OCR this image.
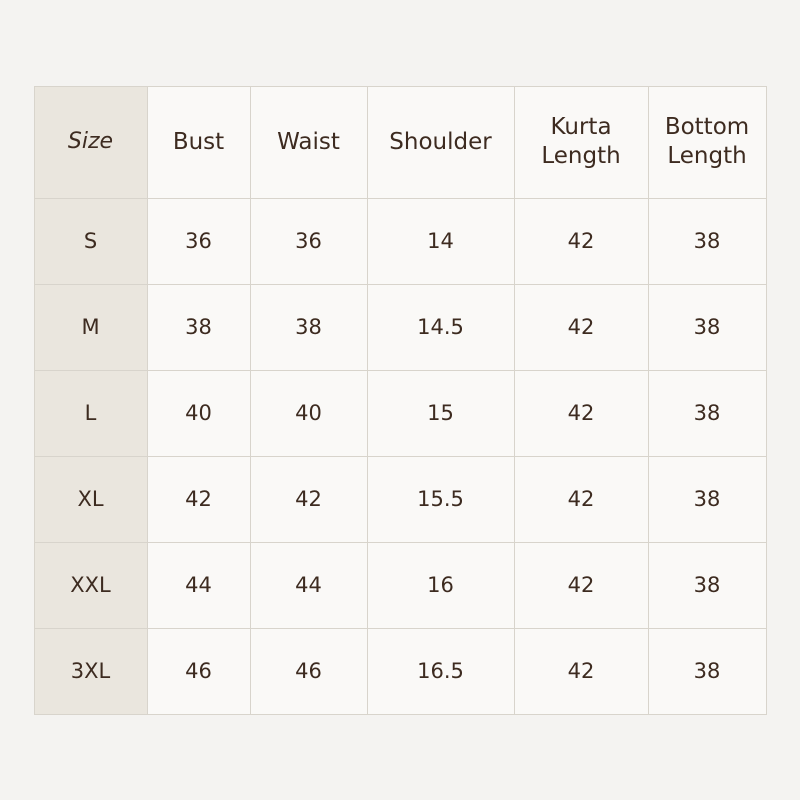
Size	Bust	Waist	Shoulder	Kurta Length	Bottom Length
S	36	36	14	42	38
M	38	38	14.5	42	38
L	40	40	15	42	38
XL	42	42	15.5	42	38
XXL	44	44	16	42	38
3XL	46	46	16.5	42	38
